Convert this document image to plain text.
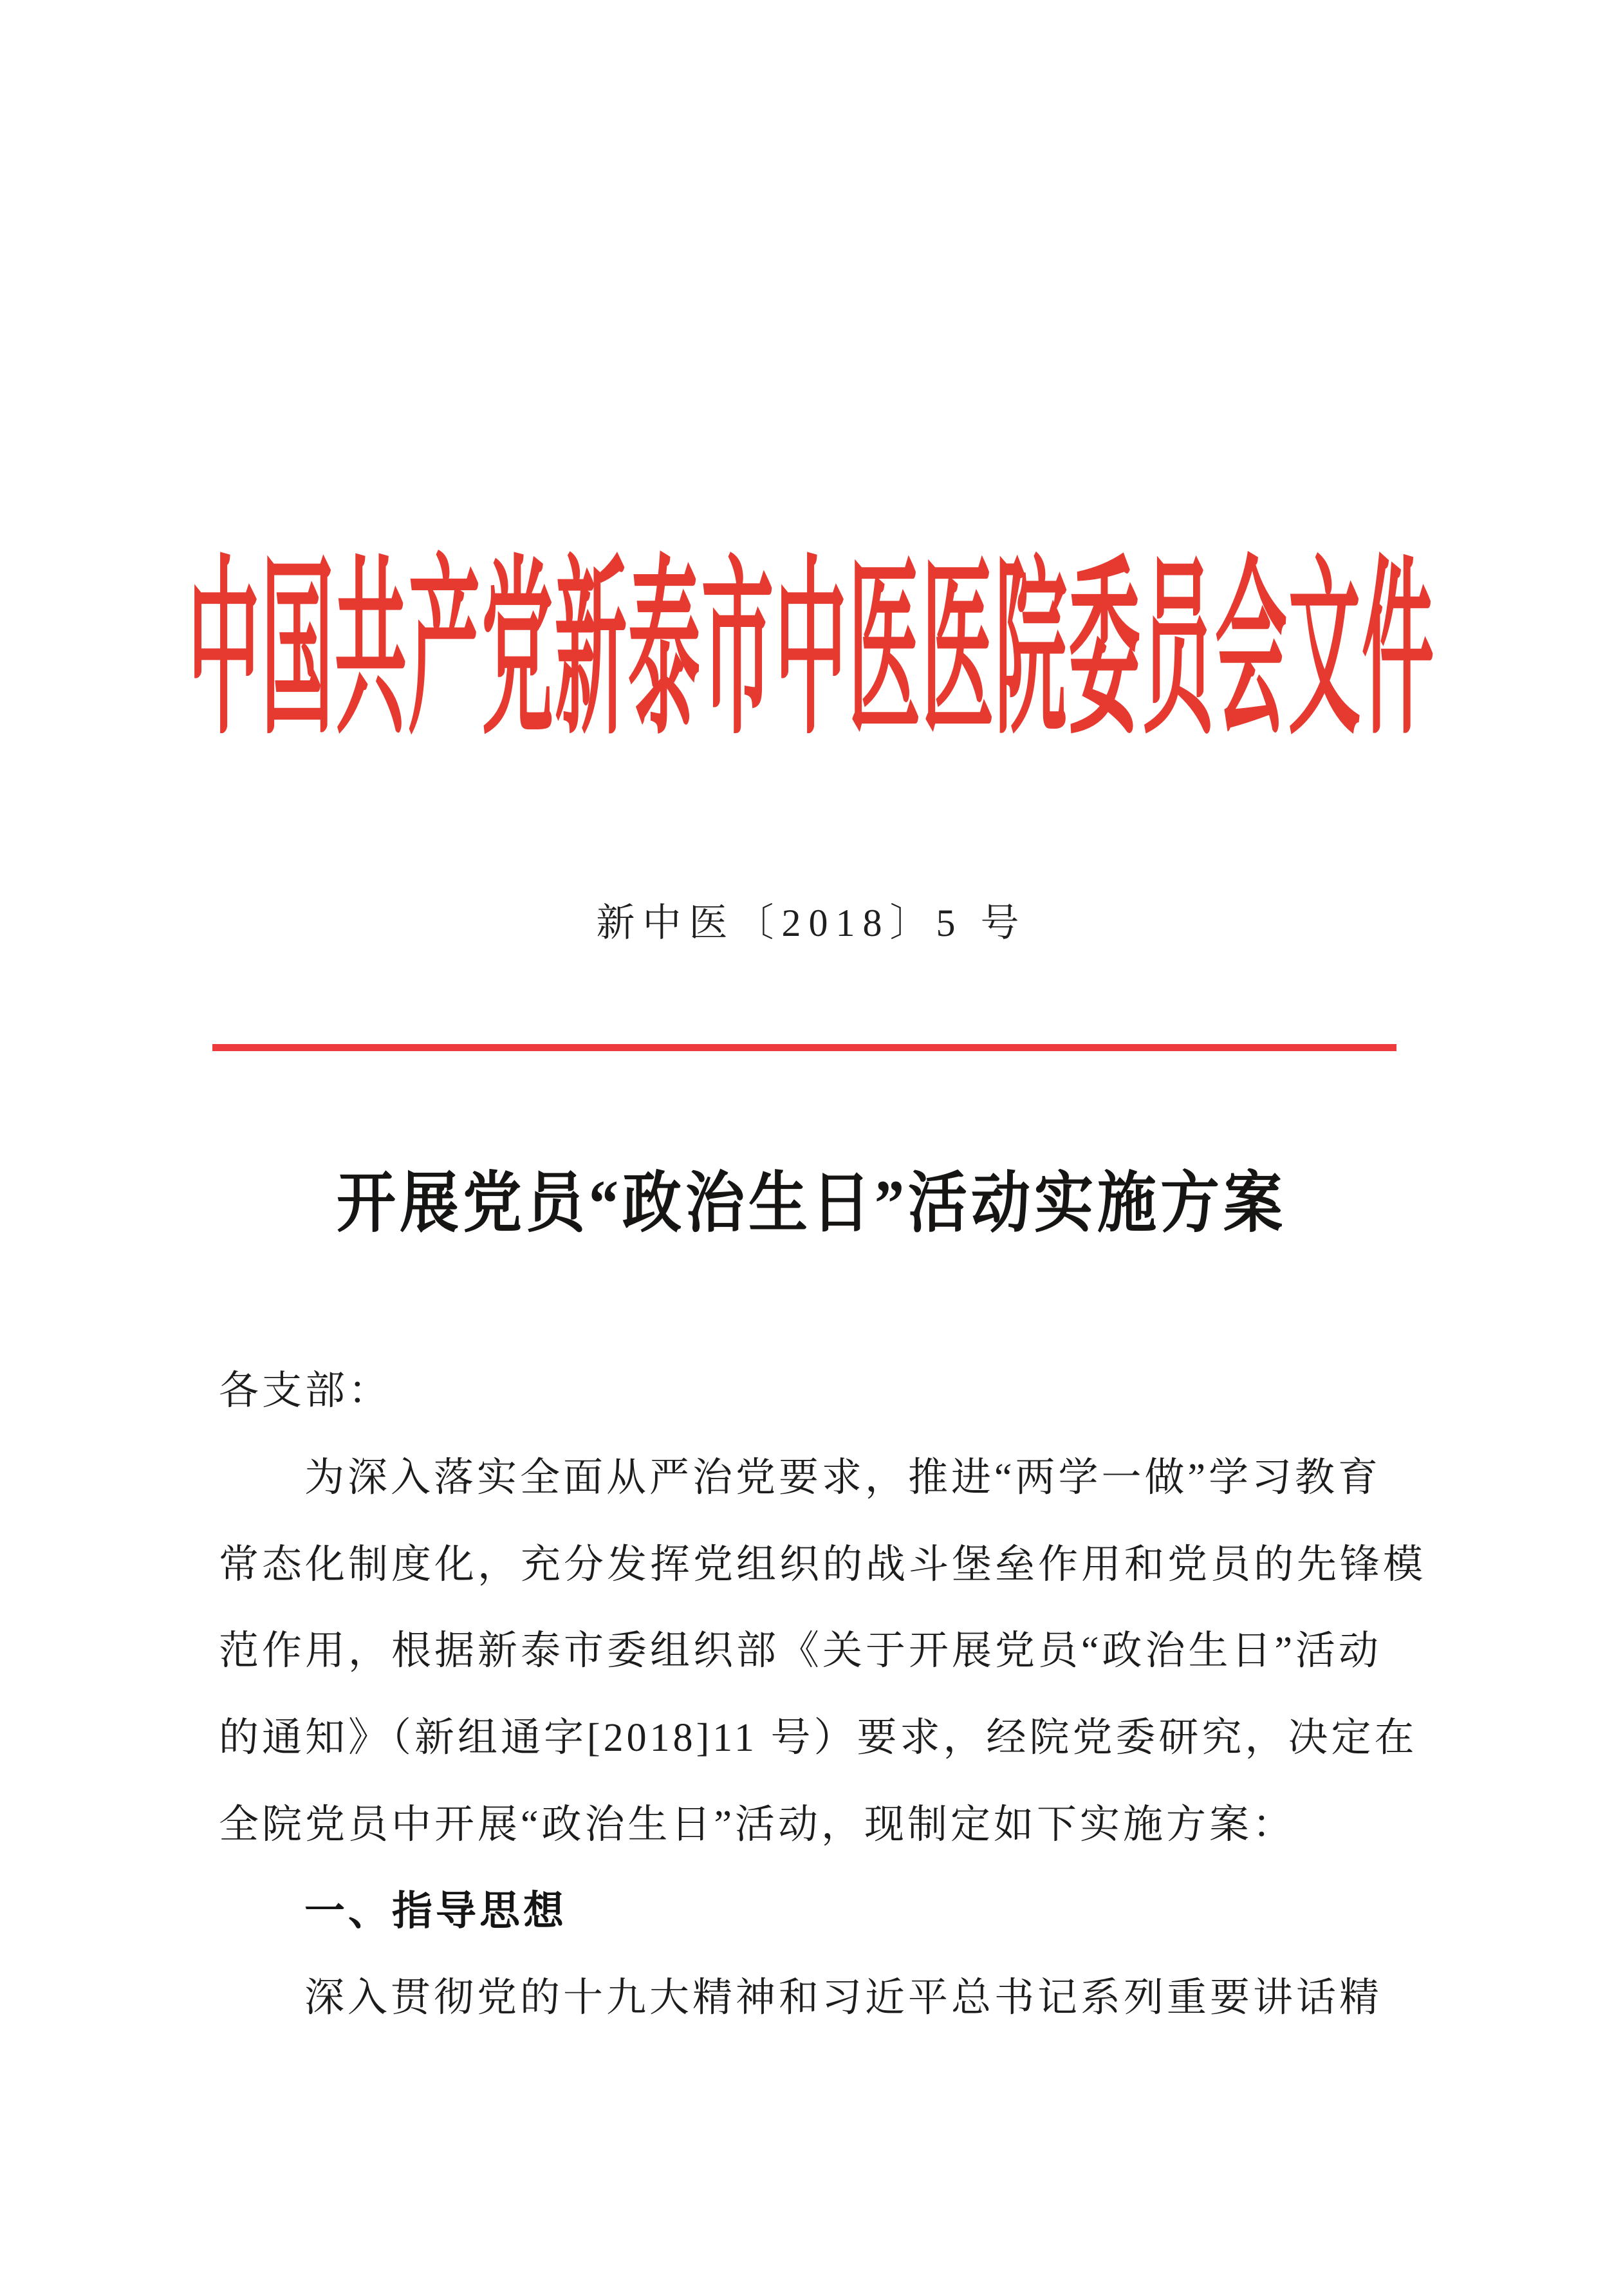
中国共产党新泰市中医医院委员会文件
新中医〔2018〕5 号
开展党员“政治生日”活动实施方案
各支部：
为深入落实全面从严治党要求，推进“两学一做”学习教育
常态化制度化，充分发挥党组织的战斗堡垒作用和党员的先锋模
范作用，根据新泰市委组织部《关于开展党员“政治生日”活动
的通知》（新组通字[2018]11 号）要求，经院党委研究，决定在
全院党员中开展“政治生日”活动，现制定如下实施方案：
一、指导思想
深入贯彻党的十九大精神和习近平总书记系列重要讲话精
